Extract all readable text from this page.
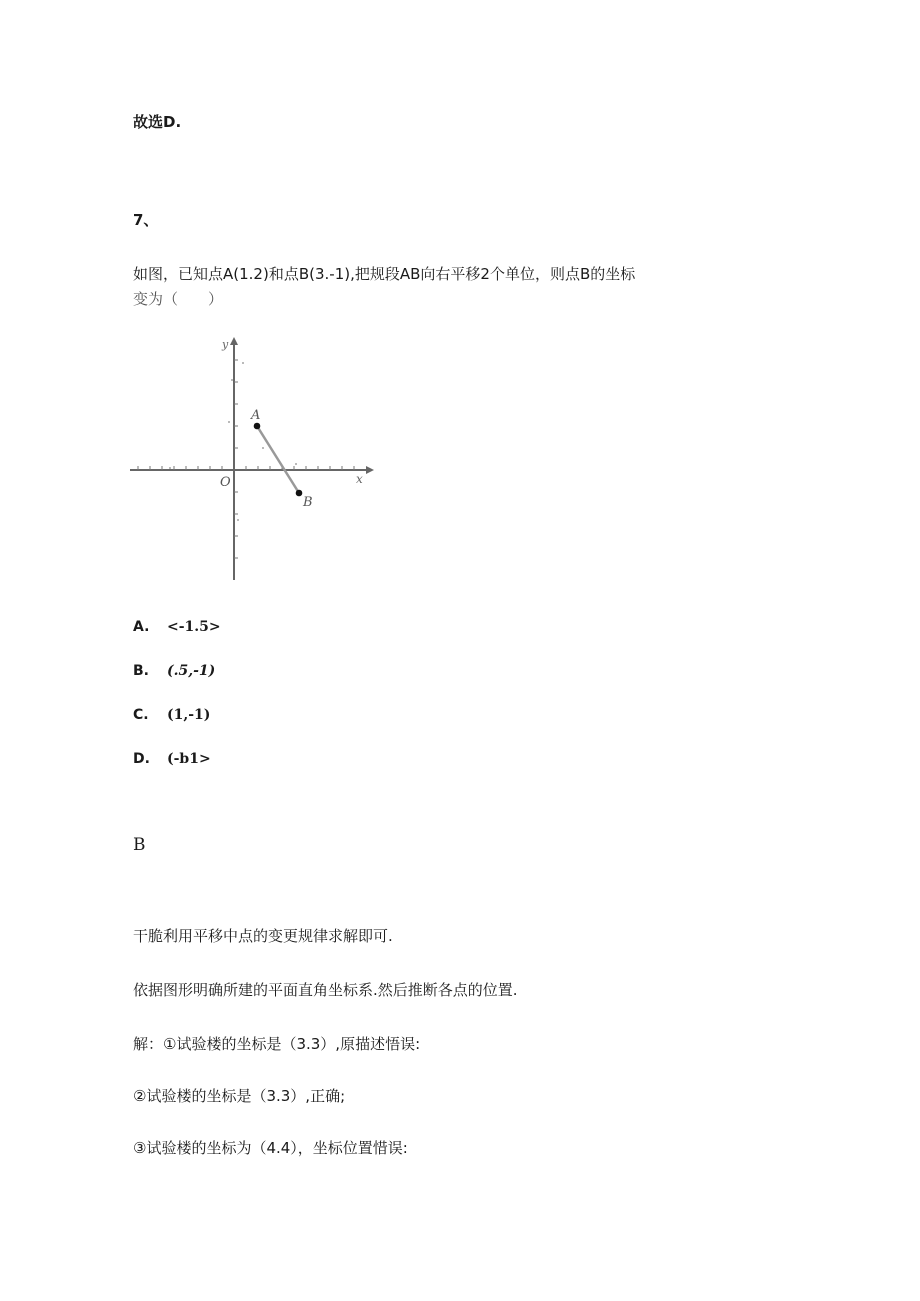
故选D.
7、
如图，已知点A(1.2)和点B(3.-1),把规段AB向右平移2个单位，则点B的坐标
变为（　　）
y
x
O
A
B
A. <-1.5>
B. (.5,-1)
C. (1,-1)
D. (-b1>
B
干脆利用平移中点的变更规律求解即可.
依据图形明确所建的平面直角坐标系.然后推断各点的位置.
解：①试验楼的坐标是（3.3）,原描述悟误:
②试验楼的坐标是（3.3）,正确;
③试验楼的坐标为（4.4），坐标位置惜误:
